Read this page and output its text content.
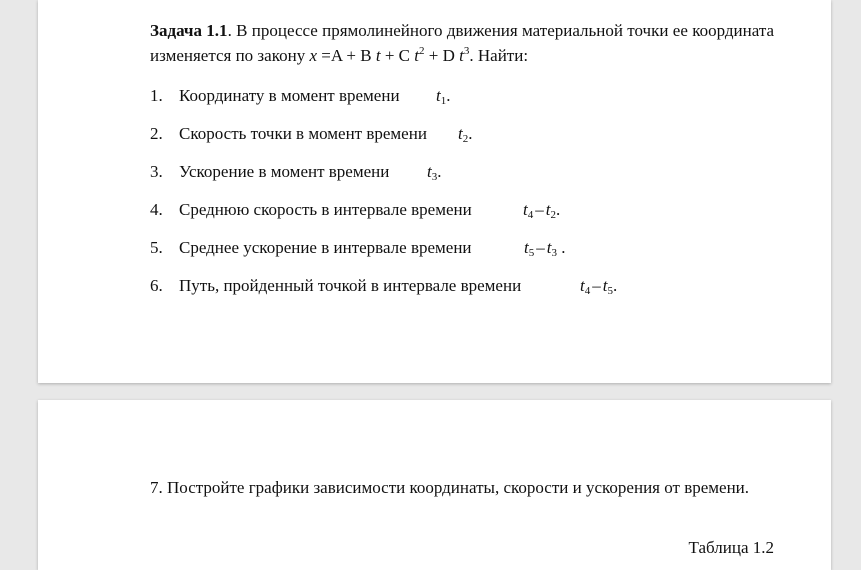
Задача 1.1. В процессе прямолинейного движения материальной точки ее координата изменяется по закону x =A + B t + C $t^2 + D$ $t^3$. Найти:
1. Координату в момент времени $t_1$.
2. Скорость точки в момент времени $t_2$.
3. Ускорение в момент времени $t_3$.
4. Среднюю скорость в интервале времени	$t_4 - t_2$.
5. Среднее ускорение в интервале времени	$t_5 - t_3$ .
6. Путь, пройденный точкой в интервале времени	$t_4 - t_5$.
7. Постройте графики зависимости координаты, скорости и ускорения от времени.
Таблица 1.2
